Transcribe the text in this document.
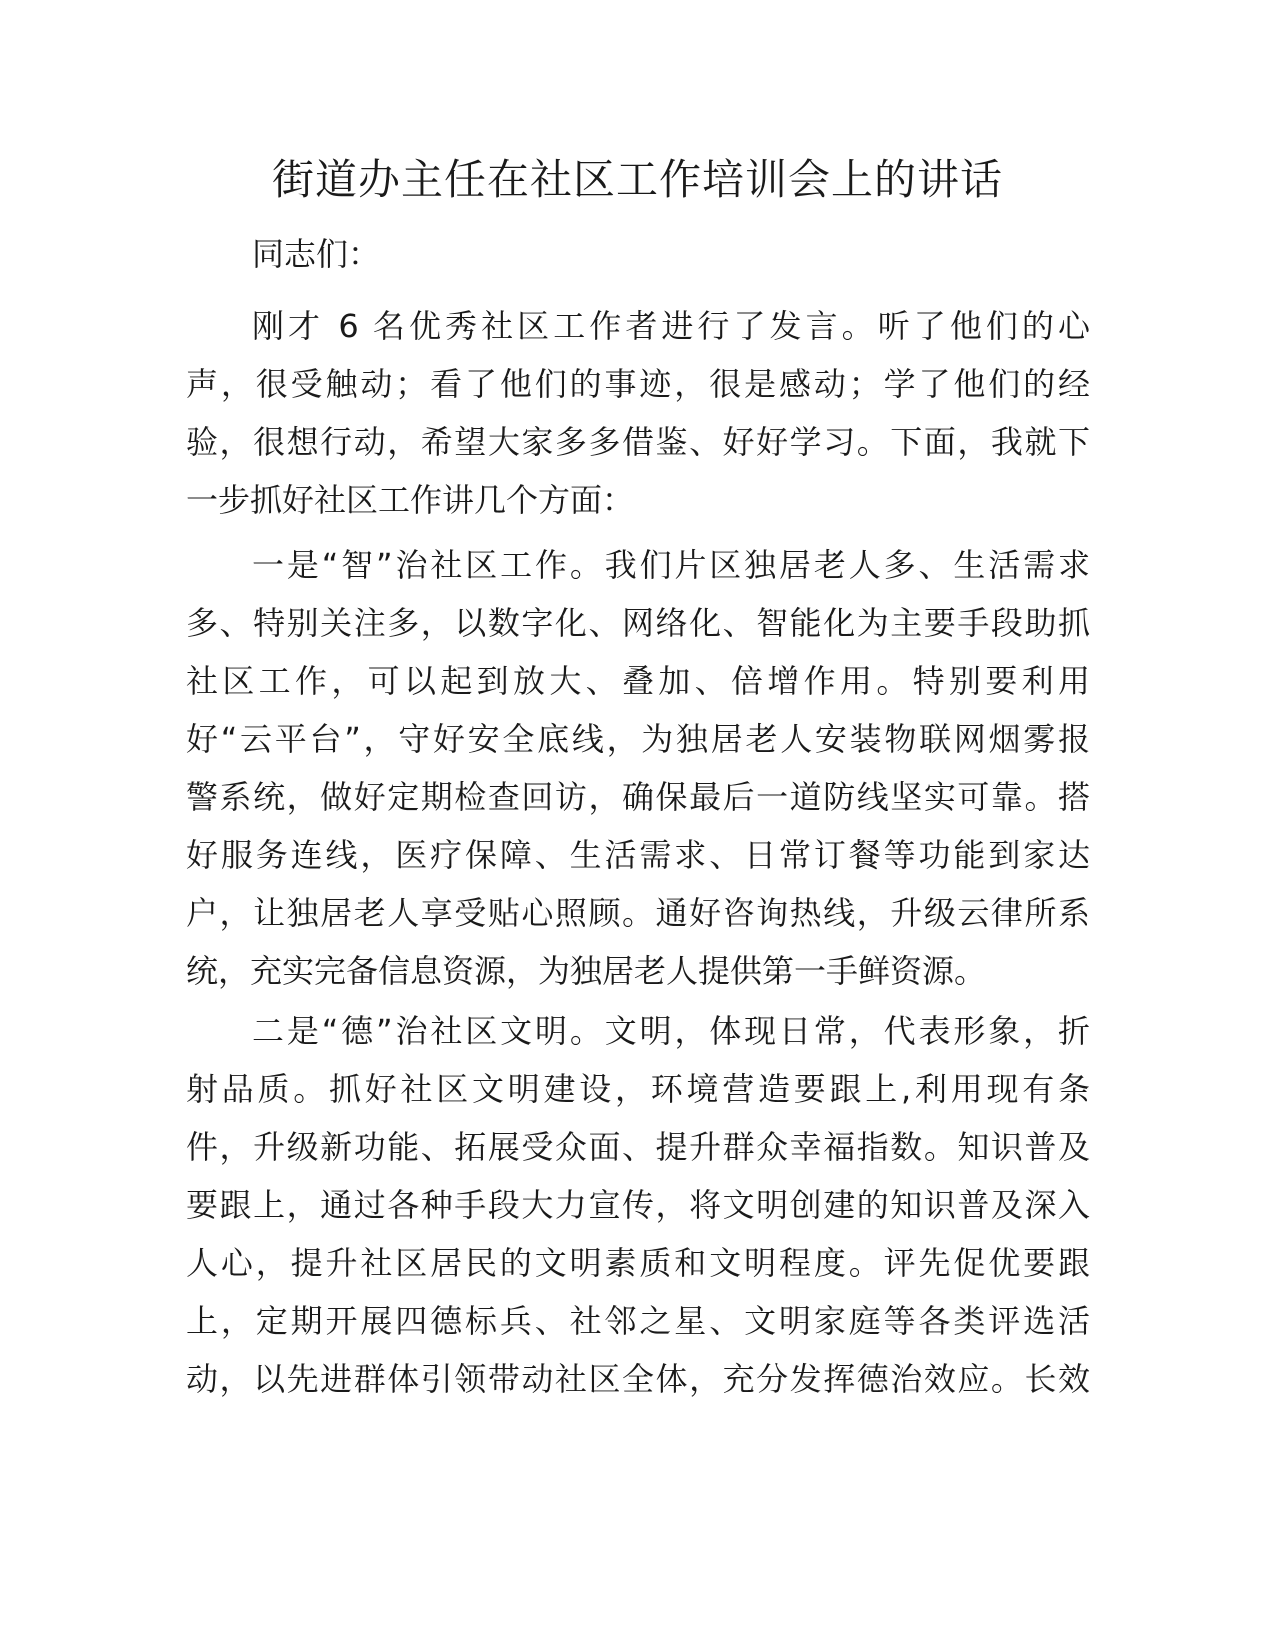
街道办主任在社区工作培训会上的讲话

同志们：

刚才 6 名优秀社区工作者进行了发言。听了他们的心
声，很受触动；看了他们的事迹，很是感动；学了他们的经
验，很想行动，希望大家多多借鉴、好好学习。下面，我就下
一步抓好社区工作讲几个方面：
一是“智”治社区工作。我们片区独居老人多、生活需求
多、特别关注多，以数字化、网络化、智能化为主要手段助抓
社区工作，可以起到放大、叠加、倍增作用。特别要利用
好“云平台”，守好安全底线，为独居老人安装物联网烟雾报
警系统，做好定期检查回访，确保最后一道防线坚实可靠。搭
好服务连线，医疗保障、生活需求、日常订餐等功能到家达
户，让独居老人享受贴心照顾。通好咨询热线，升级云律所系
统，充实完备信息资源，为独居老人提供第一手鲜资源。
二是“德”治社区文明。文明，体现日常，代表形象，折
射品质。抓好社区文明建设，环境营造要跟上,利用现有条
件，升级新功能、拓展受众面、提升群众幸福指数。知识普及
要跟上，通过各种手段大力宣传，将文明创建的知识普及深入
人心，提升社区居民的文明素质和文明程度。评先促优要跟
上，定期开展四德标兵、社邻之星、文明家庭等各类评选活
动，以先进群体引领带动社区全体，充分发挥德治效应。长效
